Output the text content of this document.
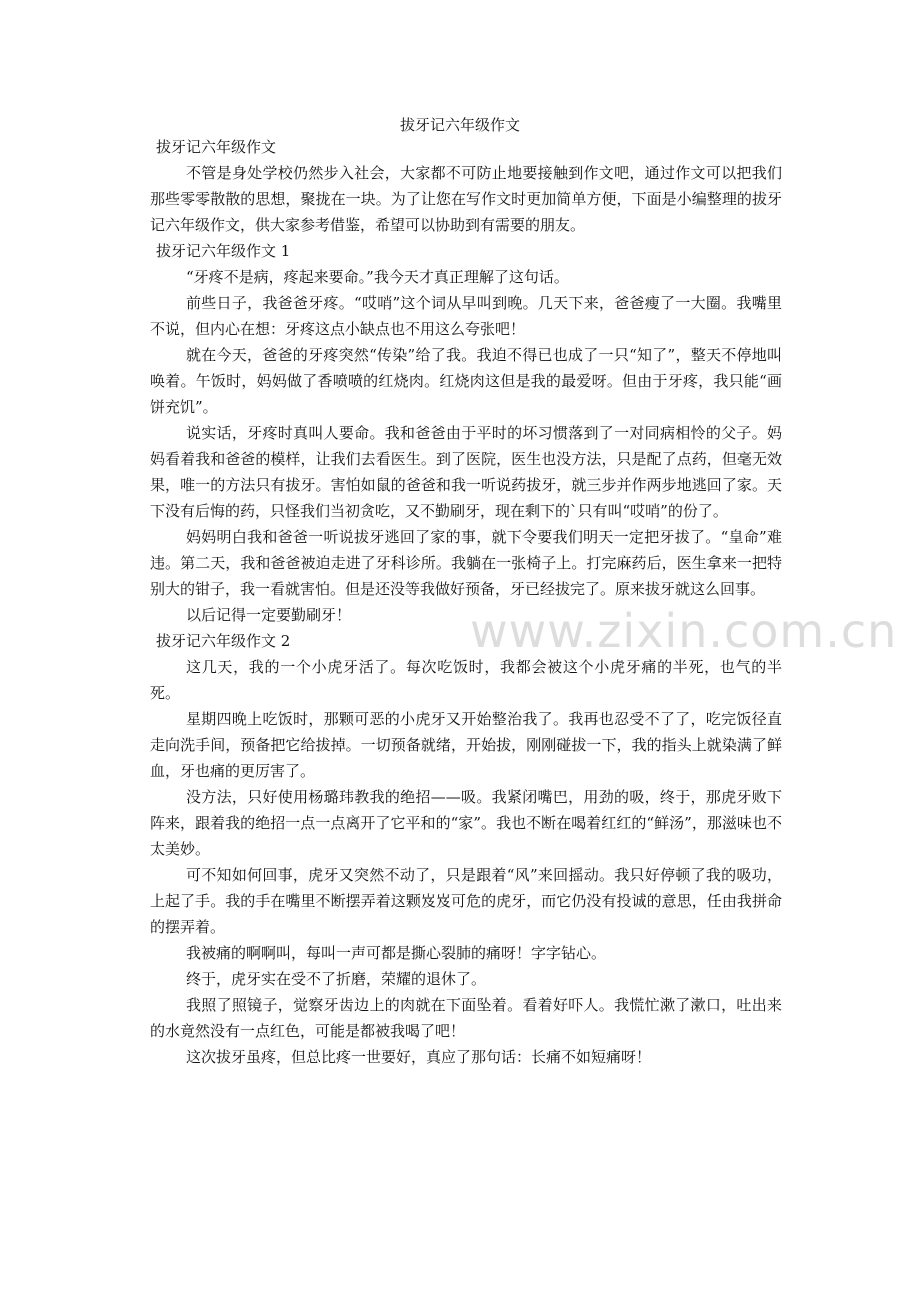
拔牙记六年级作文

拔牙记六年级作文

不管是身处学校仍然步入社会，大家都不可防止地要接触到作文吧，通过作文可以把我们那些零零散散的思想，聚拢在一块。为了让您在写作文时更加简单方便，下面是小编整理的拔牙记六年级作文，供大家参考借鉴，希望可以协助到有需要的朋友。

拔牙记六年级作文 1

“牙疼不是病，疼起来要命。”我今天才真正理解了这句话。

前些日子，我爸爸牙疼。“哎哨”这个词从早叫到晚。几天下来，爸爸瘦了一大圈。我嘴里不说，但内心在想：牙疼这点小缺点也不用这么夸张吧！

就在今天，爸爸的牙疼突然“传染”给了我。我迫不得已也成了一只“知了”，整天不停地叫唤着。午饭时，妈妈做了香喷喷的红烧肉。红烧肉这但是我的最爱呀。但由于牙疼，我只能“画饼充饥”。

说实话，牙疼时真叫人要命。我和爸爸由于平时的坏习惯落到了一对同病相怜的父子。妈妈看着我和爸爸的模样，让我们去看医生。到了医院，医生也没方法，只是配了点药，但毫无效果，唯一的方法只有拔牙。害怕如鼠的爸爸和我一听说药拔牙，就三步并作两步地逃回了家。天下没有后悔的药，只怪我们当初贪吃，又不勤刷牙，现在剩下的`只有叫“哎哨”的份了。

妈妈明白我和爸爸一听说拔牙逃回了家的事，就下令要我们明天一定把牙拔了。“皇命”难违。第二天，我和爸爸被迫走进了牙科诊所。我躺在一张椅子上。打完麻药后，医生拿来一把特别大的钳子，我一看就害怕。但是还没等我做好预备，牙已经拔完了。原来拔牙就这么回事。

以后记得一定要勤刷牙！

拔牙记六年级作文 2

这几天，我的一个小虎牙活了。每次吃饭时，我都会被这个小虎牙痛的半死，也气的半死。

星期四晚上吃饭时，那颗可恶的小虎牙又开始整治我了。我再也忍受不了了，吃完饭径直走向洗手间，预备把它给拔掉。一切预备就绪，开始拔，刚刚碰拔一下，我的指头上就染满了鲜血，牙也痛的更厉害了。

没方法，只好使用杨璐玮教我的绝招——吸。我紧闭嘴巴，用劲的吸，终于，那虎牙败下阵来，跟着我的绝招一点一点离开了它平和的“家”。我也不断在喝着红红的“鲜汤”，那滋味也不太美妙。

可不知如何回事，虎牙又突然不动了，只是跟着“风”来回摇动。我只好停顿了我的吸功，上起了手。我的手在嘴里不断摆弄着这颗岌岌可危的虎牙，而它仍没有投诚的意思，任由我拼命的摆弄着。

我被痛的啊啊叫，每叫一声可都是撕心裂肺的痛呀！字字钻心。

终于，虎牙实在受不了折磨，荣耀的退休了。

我照了照镜子，觉察牙齿边上的肉就在下面坠着。看着好吓人。我慌忙漱了漱口，吐出来的水竟然没有一点红色，可能是都被我喝了吧！

这次拔牙虽疼，但总比疼一世要好，真应了那句话：长痛不如短痛呀！

www.zixin.com.cn
